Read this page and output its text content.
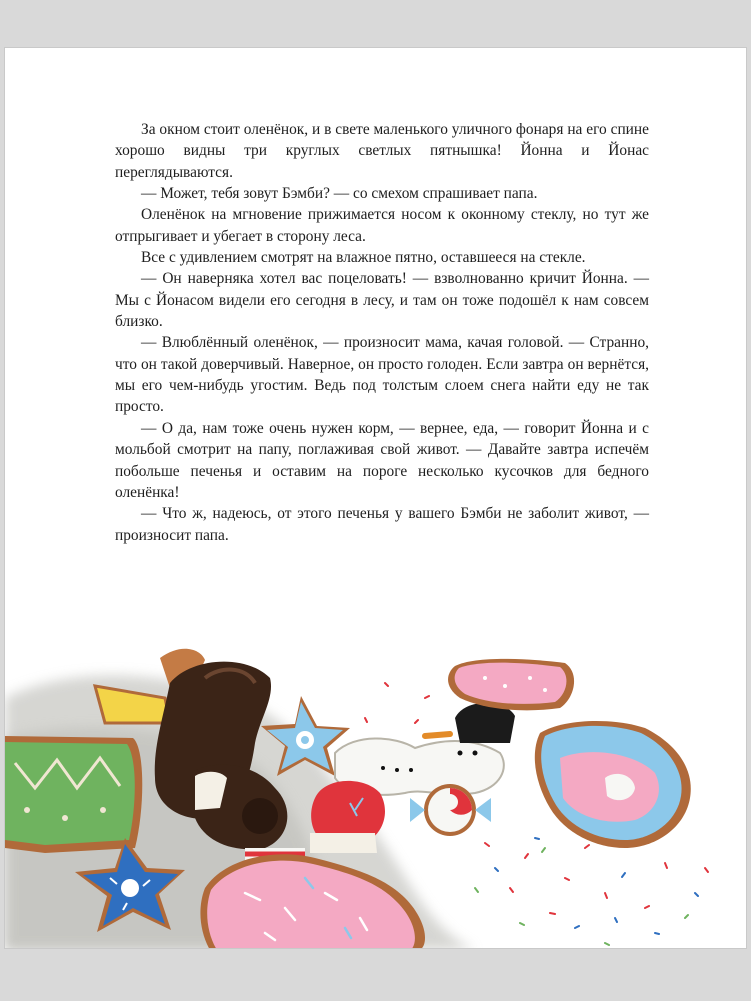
За окном стоит оленёнок, и в свете маленького уличного фонаря на его спине хорошо видны три круглых светлых пятнышка! Йонна и Йонас переглядываются.

— Может, тебя зовут Бэмби? — со смехом спрашивает папа.

Оленёнок на мгновение прижимается носом к оконному стеклу, но тут же отпрыгивает и убегает в сторону леса.

Все с удивлением смотрят на влажное пятно, оставшееся на стекле.

— Он наверняка хотел вас поцеловать! — взволнованно кричит Йонна. — Мы с Йонасом видели его сегодня в лесу, и там он тоже подошёл к нам совсем близко.

— Влюблённый оленёнок, — произносит мама, качая головой. — Странно, что он такой доверчивый. Наверное, он просто голоден. Если завтра он вернётся, мы его чем-нибудь угостим. Ведь под толстым слоем снега найти еду не так просто.

— О да, нам тоже очень нужен корм, — вернее, еда, — говорит Йонна и с мольбой смотрит на папу, поглаживая свой живот. — Давайте завтра испечём побольше печенья и оставим на пороге несколько кусочков для бедного оленёнка!

— Что ж, надеюсь, от этого печенья у вашего Бэмби не заболит живот, — произносит папа.
